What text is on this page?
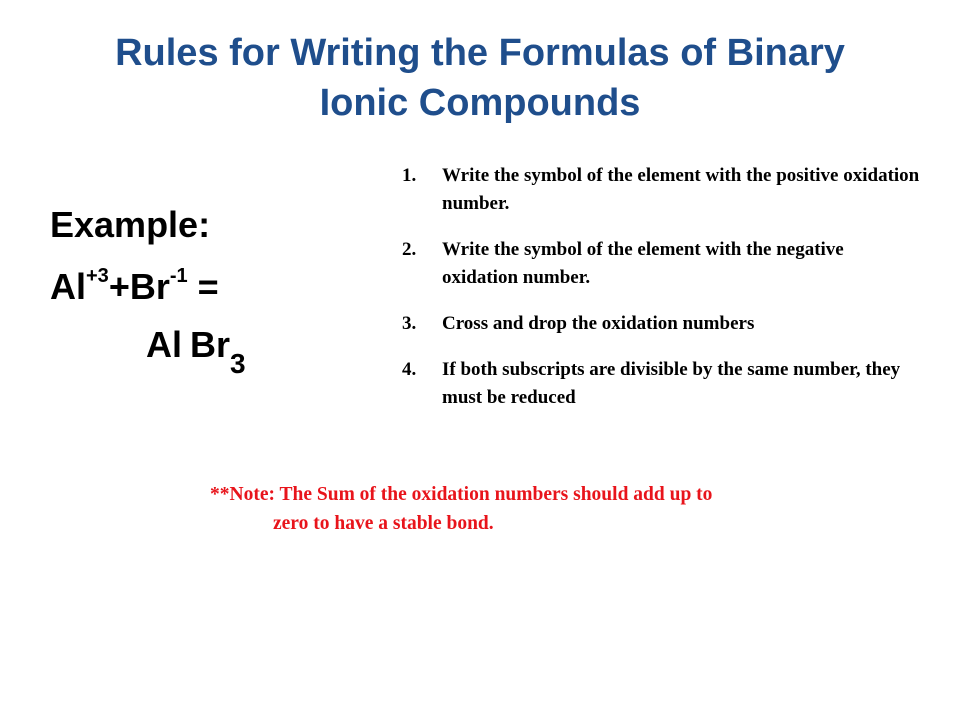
Rules for Writing the Formulas of Binary
Ionic Compounds
Example:
$Al^{+3}+Br^{-1}$ =
Al $Br_3$
1. Write the symbol of the element with the positive oxidation number.
2. Write the symbol of the element with the negative oxidation number.
3. Cross and drop the oxidation numbers
4. If both subscripts are divisible by the same number, they must be reduced
**Note: The Sum of the oxidation numbers should add up to
zero to have a stable bond.
